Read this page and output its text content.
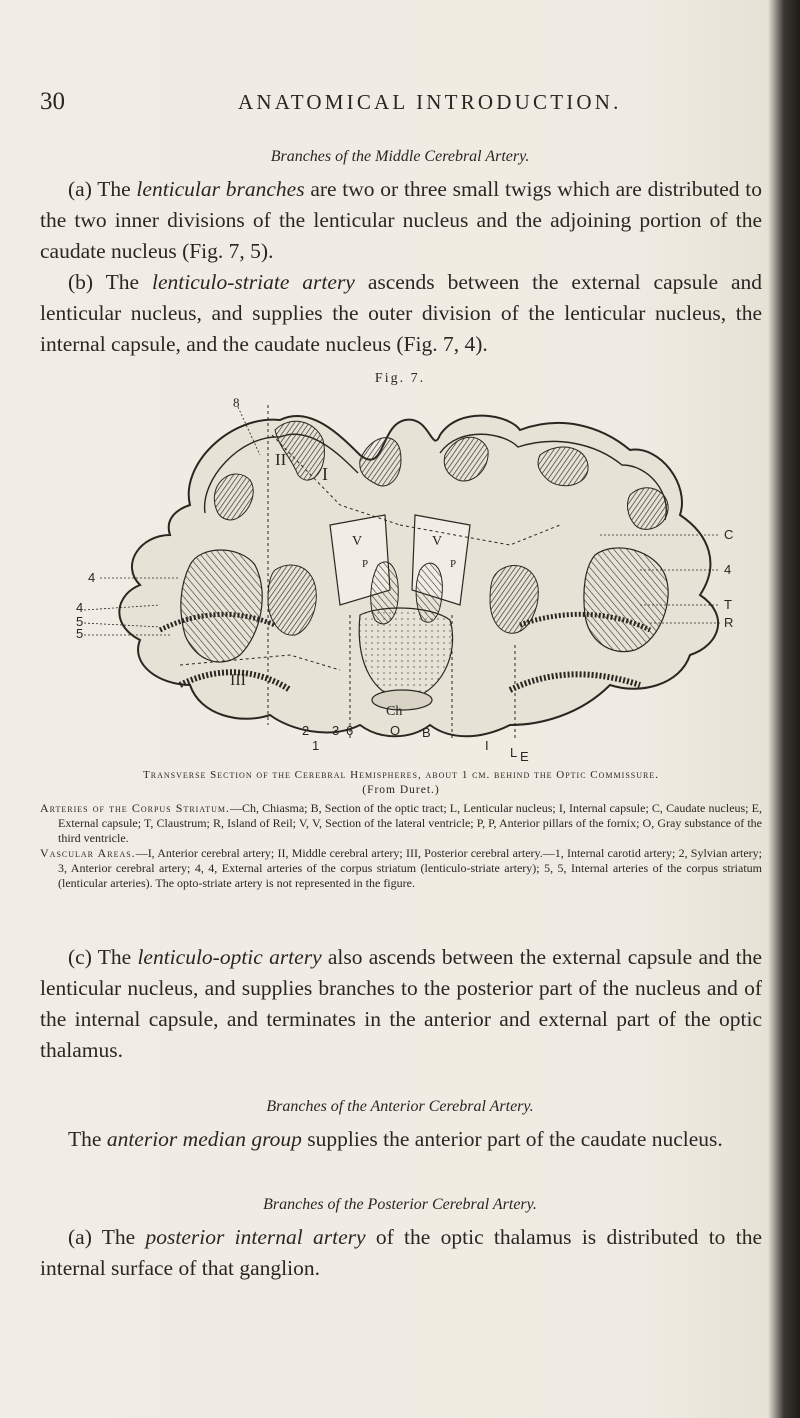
30	ANATOMICAL INTRODUCTION.
Branches of the Middle Cerebral Artery.

(a) The lenticular branches are two or three small twigs which are distributed to the two inner divisions of the lenticular nucleus and the adjoining portion of the caudate nucleus (Fig. 7, 5).

(b) The lenticulo-striate artery ascends between the external capsule and lenticular nucleus, and supplies the outer division of the lenticular nucleus, the internal capsule, and the caudate nucleus (Fig. 7, 4).

Fig. 7.
8
I
II
III
V	V
P	P
Ch
4
4
5
5
C
4
T
R
2 3 6	O B
1	I L E

Transverse Section of the Cerebral Hemispheres, about 1 cm. behind the Optic Commissure.

(From Duret.)

Arteries of the Corpus Striatum.—Ch, Chiasma; B, Section of the optic tract; L, Lenticular nucleus; I, Internal capsule; C, Caudate nucleus; E, External capsule; T, Claustrum; R, Island of Reil; V, V, Section of the lateral ventricle; P, P, Anterior pillars of the fornix; O, Gray substance of the third ventricle.

Vascular Areas.—I, Anterior cerebral artery; II, Middle cerebral artery; III, Posterior cerebral artery.—1, Internal carotid artery; 2, Sylvian artery; 3, Anterior cerebral artery; 4, 4, External arteries of the corpus striatum (lenticulo-striate artery); 5, 5, Internal arteries of the corpus striatum (lenticular arteries). The opto-striate artery is not represented in the figure.

(c) The lenticulo-optic artery also ascends between the external capsule and the lenticular nucleus, and supplies branches to the posterior part of the nucleus and of the internal capsule, and terminates in the anterior and external part of the optic thalamus.

Branches of the Anterior Cerebral Artery.

The anterior median group supplies the anterior part of the caudate nucleus.

Branches of the Posterior Cerebral Artery.

(a) The posterior internal artery of the optic thalamus is distributed to the internal surface of that ganglion.
